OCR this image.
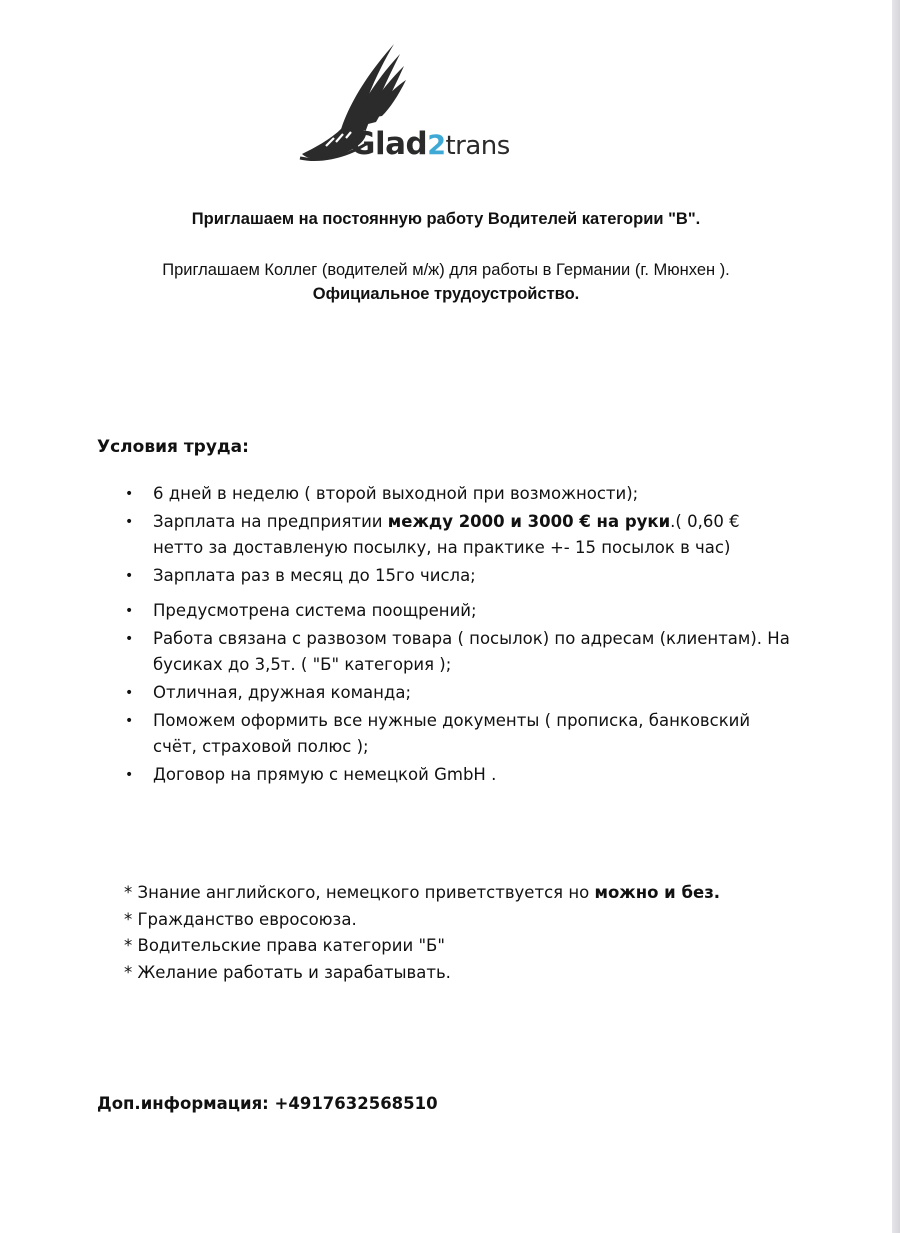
Glad2trans

Приглашаем на постоянную работу Водителей категории "В".

Приглашаем Коллег (водителей м/ж) для работы в Германии (г. Мюнхен ).
Официальное трудоустройство.

Условия труда:
• 6 дней в неделю ( второй выходной при возможности);
• Зарплата на предприятии между 2000 и 3000 € на руки.( 0,60 € нетто за доставленую посылку, на практике +- 15 посылок в час)
• Зарплата раз в месяц до 15го числа;
• Предусмотрена система поощрений;
• Работа связана с развозом товара ( посылок) по адресам (клиентам). На бусиках до 3,5т. ( "Б" категория );
• Отличная, дружная команда;
• Поможем оформить все нужные документы ( прописка, банковский счёт, страховой полюс );
• Договор на прямую с немецкой GmbH .
* Знание английского, немецкого приветствуется но можно и без.
* Гражданство евросоюза.
* Водительские права категории "Б"
* Желание работать и зарабатывать.

Доп.информация: +4917632568510
